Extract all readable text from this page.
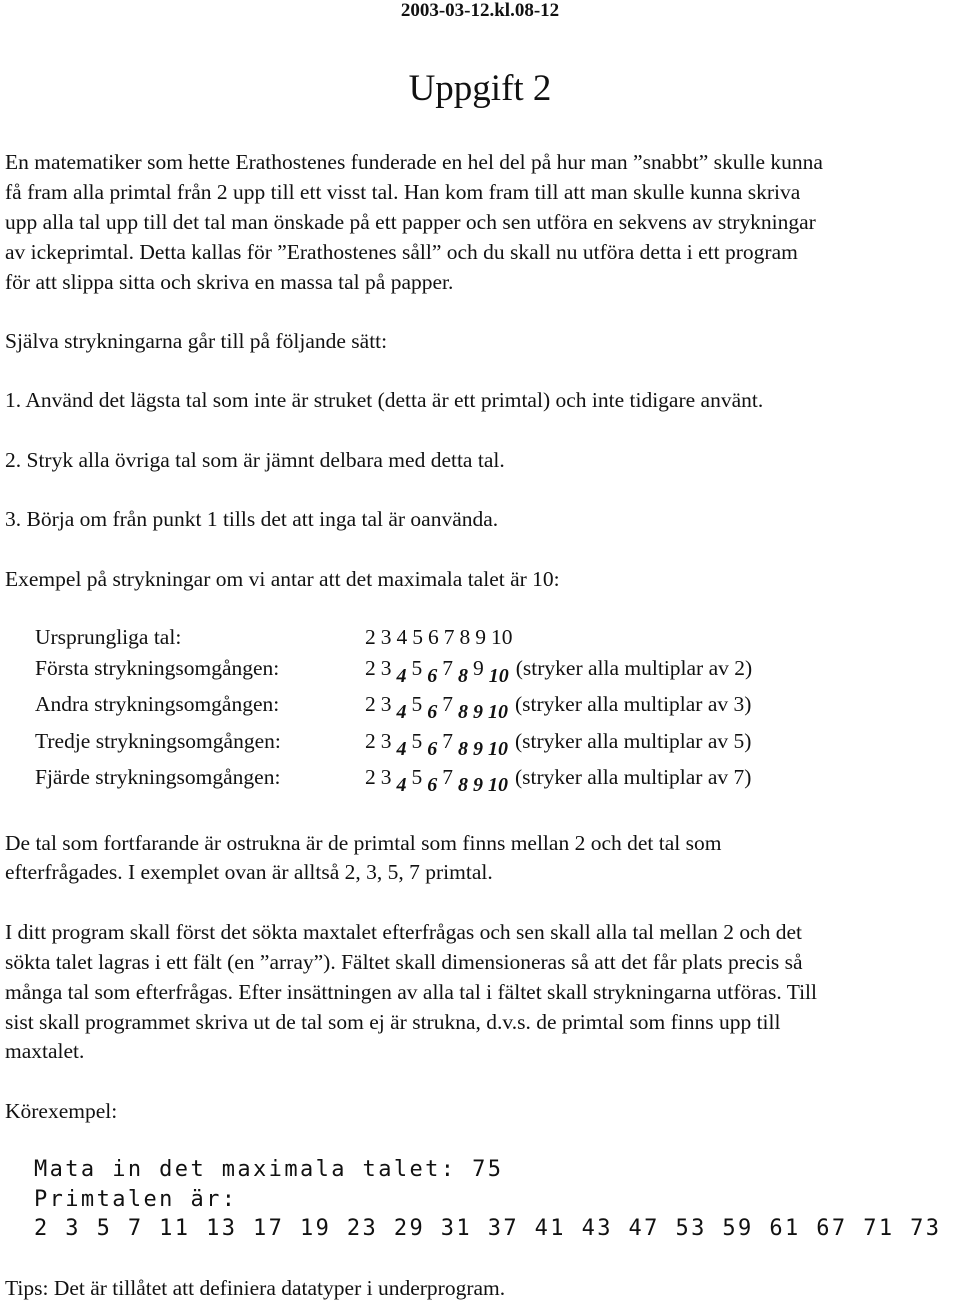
2003-03-12.kl.08-12
Uppgift 2
En matematiker som hette Erathostenes funderade en hel del på hur man ”snabbt” skulle kunna
få fram alla primtal från 2 upp till ett visst tal. Han kom fram till att man skulle kunna skriva
upp alla tal upp till det tal man önskade på ett papper och sen utföra en sekvens av strykningar
av ickeprimtal. Detta kallas för ”Erathostenes såll” och du skall nu utföra detta i ett program
för att slippa sitta och skriva en massa tal på papper.
Själva strykningarna går till på följande sätt:
1. Använd det lägsta tal som inte är struket (detta är ett primtal) och inte tidigare använt.
2. Stryk alla övriga tal som är jämnt delbara med detta tal.
3. Börja om från punkt 1 tills det att inga tal är oanvända.
Exempel på strykningar om vi antar att det maximala talet är 10:
Ursprungliga tal:	2 3 4 5 6 7 8 9 10
Första strykningsomgången:	2 3 4 5 6 7 8 9 10 (stryker alla multiplar av 2)
Andra strykningsomgången:	2 3 4 5 6 7 8 9 10 (stryker alla multiplar av 3)
Tredje strykningsomgången:	2 3 4 5 6 7 8 9 10 (stryker alla multiplar av 5)
Fjärde strykningsomgången:	2 3 4 5 6 7 8 9 10 (stryker alla multiplar av 7)
De tal som fortfarande är ostrukna är de primtal som finns mellan 2 och det tal som
efterfrågades. I exemplet ovan är alltså 2, 3, 5, 7 primtal.
I ditt program skall först det sökta maxtalet efterfrågas och sen skall alla tal mellan 2 och det
sökta talet lagras i ett fält (en ”array”). Fältet skall dimensioneras så att det får plats precis så
många tal som efterfrågas. Efter insättningen av alla tal i fältet skall strykningarna utföras. Till
sist skall programmet skriva ut de tal som ej är strukna, d.v.s. de primtal som finns upp till
maxtalet.
Körexempel:
Mata in det maximala talet: 75
Primtalen är:
2 3 5 7 11 13 17 19 23 29 31 37 41 43 47 53 59 61 67 71 73
Tips: Det är tillåtet att definiera datatyper i underprogram.
